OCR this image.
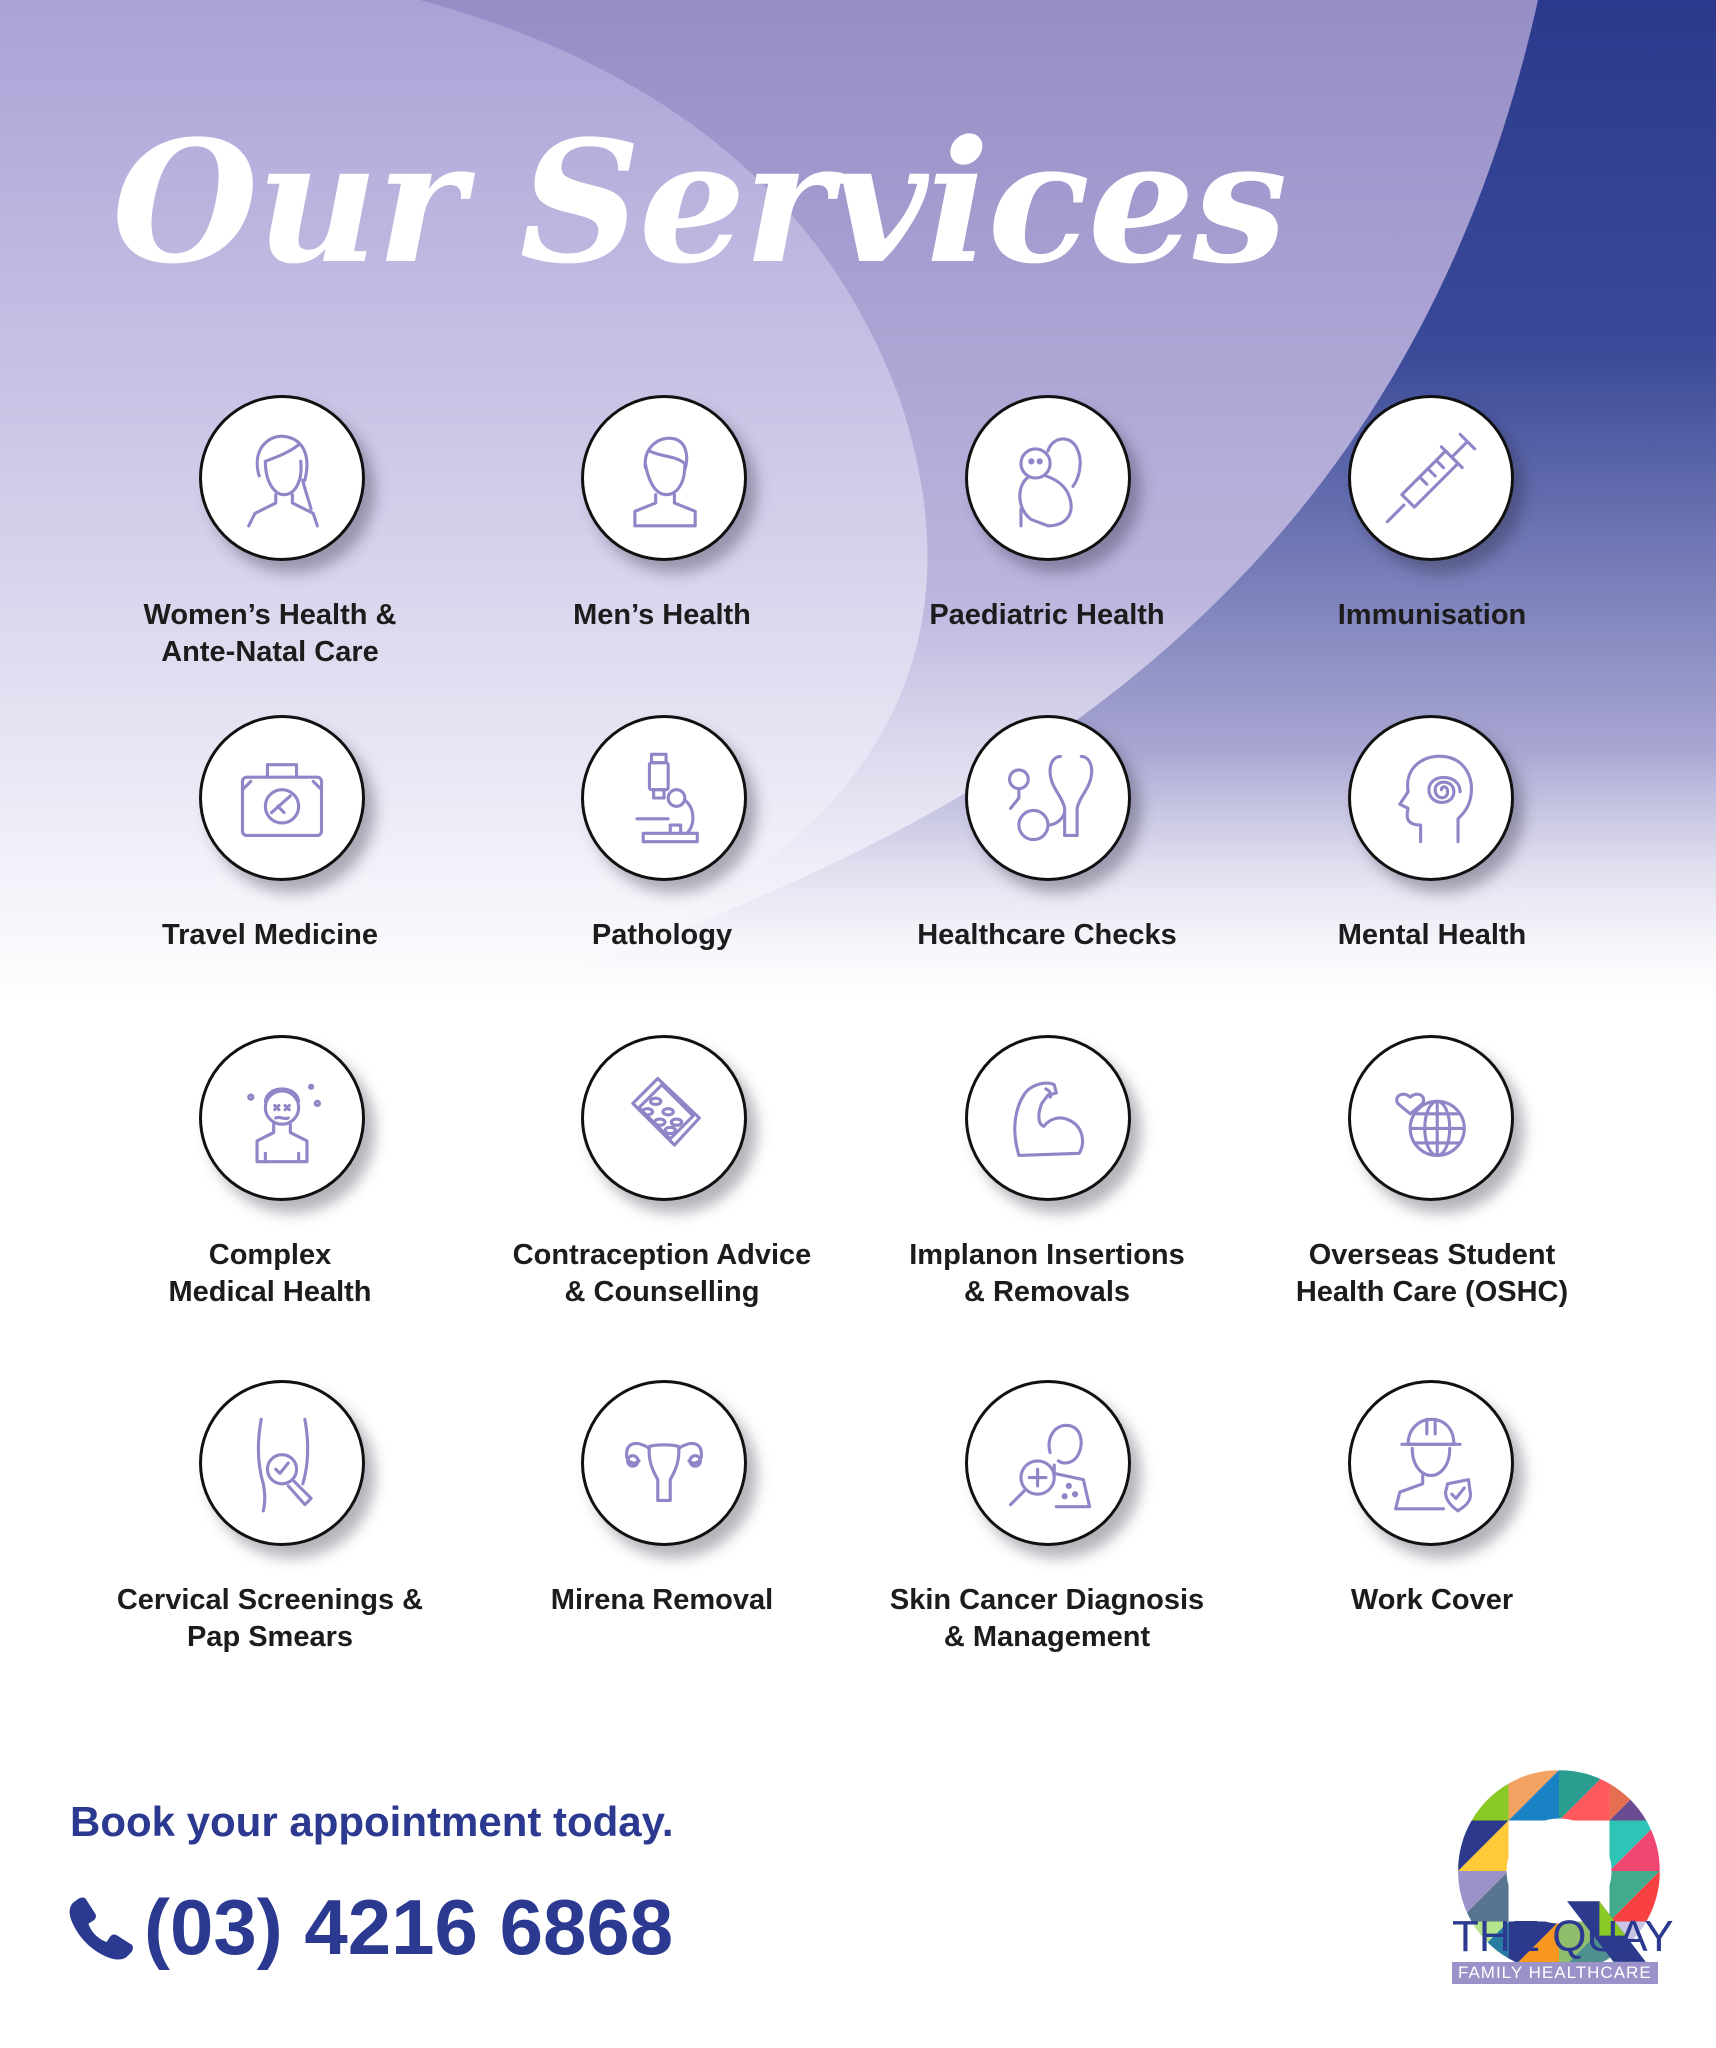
Our Services
Women’s Health &
Ante-Natal Care
Men’s Health	Paediatric Health	Immunisation
Travel Medicine	Pathology	Healthcare Checks	Mental Health
Complex
Medical Health
Contraception Advice
& Counselling
Implanon Insertions
& Removals
Overseas Student
Health Care (OSHC)
Cervical Screenings &
Pap Smears
Mirena Removal	Skin Cancer Diagnosis
& Management
Work Cover
Book your appointment today.
(03) 4216 6868	THE QUAY
FAMILY HEALTHCARE
